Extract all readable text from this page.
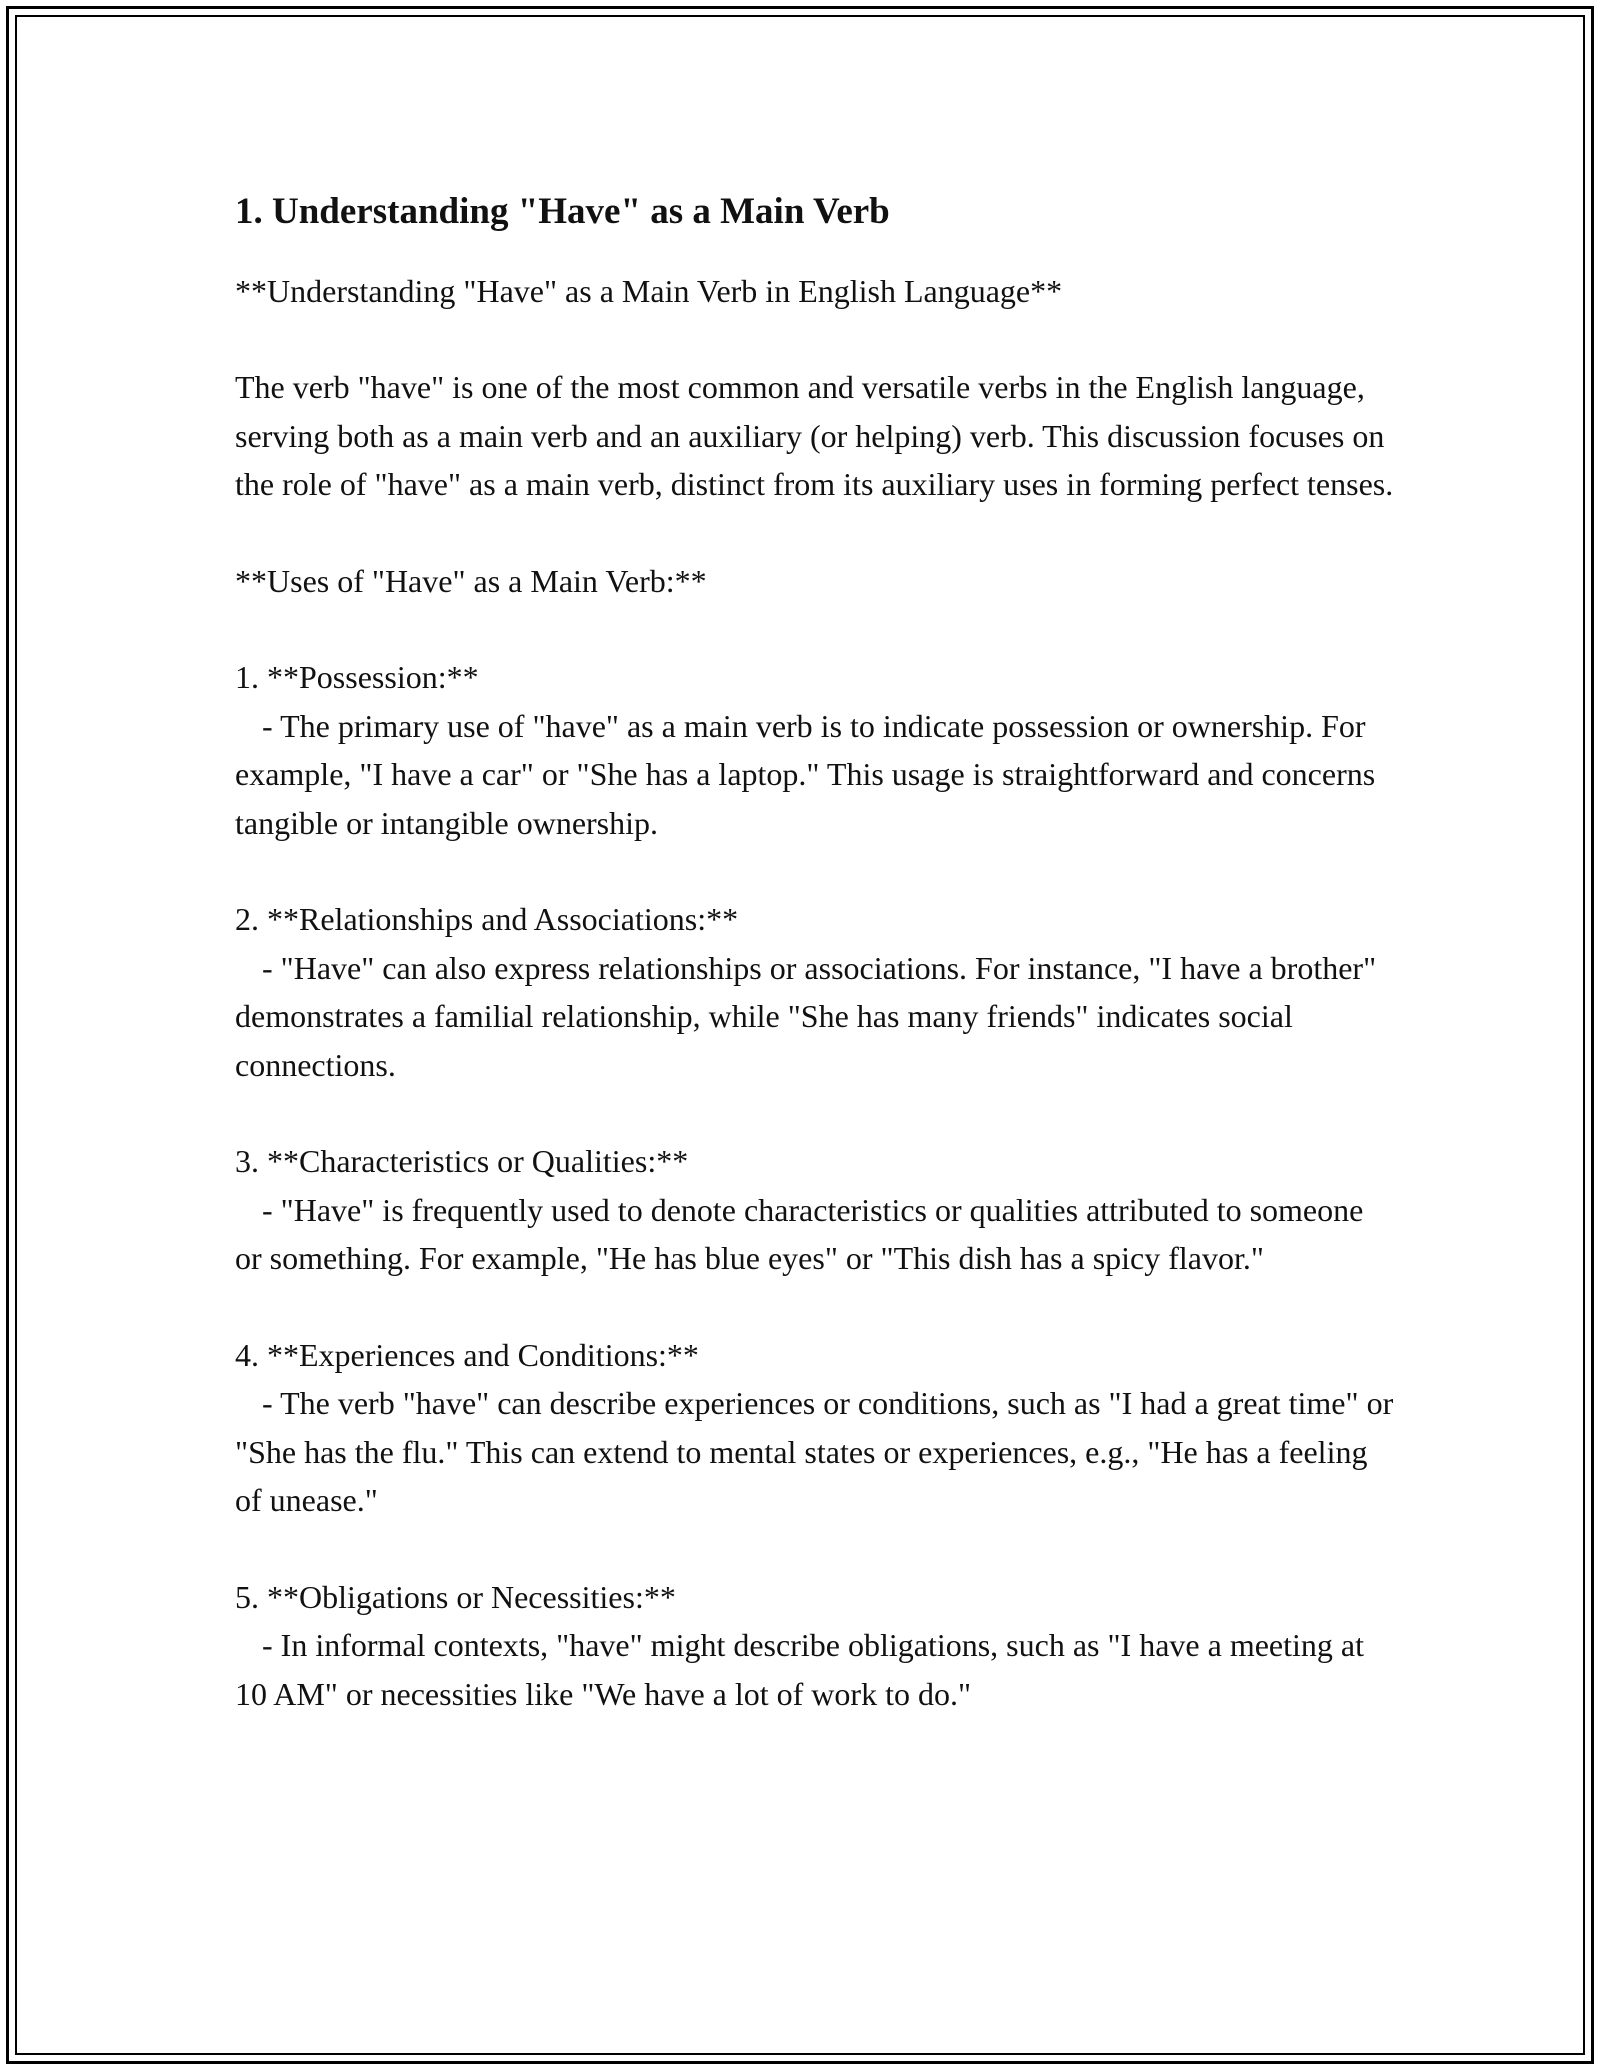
1. Understanding "Have" as a Main Verb

**Understanding "Have" as a Main Verb in English Language**

The verb "have" is one of the most common and versatile verbs in the English language, serving both as a main verb and an auxiliary (or helping) verb. This discussion focuses on the role of "have" as a main verb, distinct from its auxiliary uses in forming perfect tenses.

**Uses of "Have" as a Main Verb:**

1. **Possession:**

- The primary use of "have" as a main verb is to indicate possession or ownership. For example, "I have a car" or "She has a laptop." This usage is straightforward and concerns tangible or intangible ownership.

2. **Relationships and Associations:**

- "Have" can also express relationships or associations. For instance, "I have a brother" demonstrates a familial relationship, while "She has many friends" indicates social connections.

3. **Characteristics or Qualities:**

- "Have" is frequently used to denote characteristics or qualities attributed to someone or something. For example, "He has blue eyes" or "This dish has a spicy flavor."

4. **Experiences and Conditions:**

- The verb "have" can describe experiences or conditions, such as "I had a great time" or "She has the flu." This can extend to mental states or experiences, e.g., "He has a feeling of unease."

5. **Obligations or Necessities:**

- In informal contexts, "have" might describe obligations, such as "I have a meeting at 10 AM" or necessities like "We have a lot of work to do."
